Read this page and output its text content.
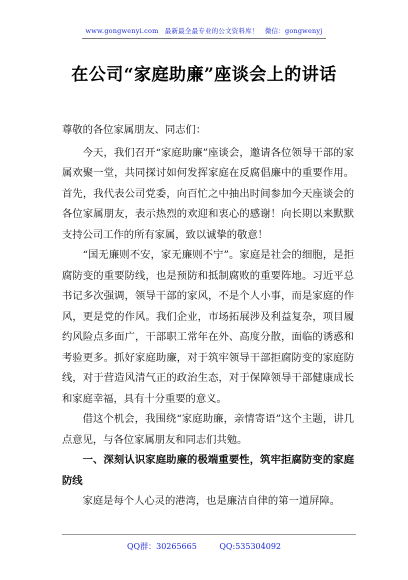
www.gongwenyi.com 最新最全最专业的公文资料库！ 微信：gongwenyj
在公司“家庭助廉”座谈会上的讲话

尊敬的各位家属朋友、同志们：

今天，我们召开“家庭助廉”座谈会，邀请各位领导干部的家属欢聚一堂，共同探讨如何发挥家庭在反腐倡廉中的重要作用。首先，我代表公司党委，向百忙之中抽出时间参加今天座谈会的各位家属朋友，表示热烈的欢迎和衷心的感谢！向长期以来默默支持公司工作的所有家属，致以诚挚的敬意！

“国无廉则不安，家无廉则不宁”。家庭是社会的细胞，是拒腐防变的重要防线，也是预防和抵制腐败的重要阵地。习近平总书记多次强调，领导干部的家风，不是个人小事，而是家庭的作风，更是党的作风。我们企业，市场拓展涉及利益复杂，项目履约风险点多面广，干部职工常年在外、高度分散，面临的诱惑和考验更多。抓好家庭助廉，对于筑牢领导干部拒腐防变的家庭防线，对于营造风清气正的政治生态，对于保障领导干部健康成长和家庭幸福，具有十分重要的意义。

借这个机会，我围绕“家庭助廉，亲情寄语”这个主题，讲几点意见，与各位家属朋友和同志们共勉。

一、深刻认识家庭助廉的极端重要性，筑牢拒腐防变的家庭防线

家庭是每个人心灵的港湾，也是廉洁自律的第一道屏障。

QQ群：30265665	QQ:535304092
